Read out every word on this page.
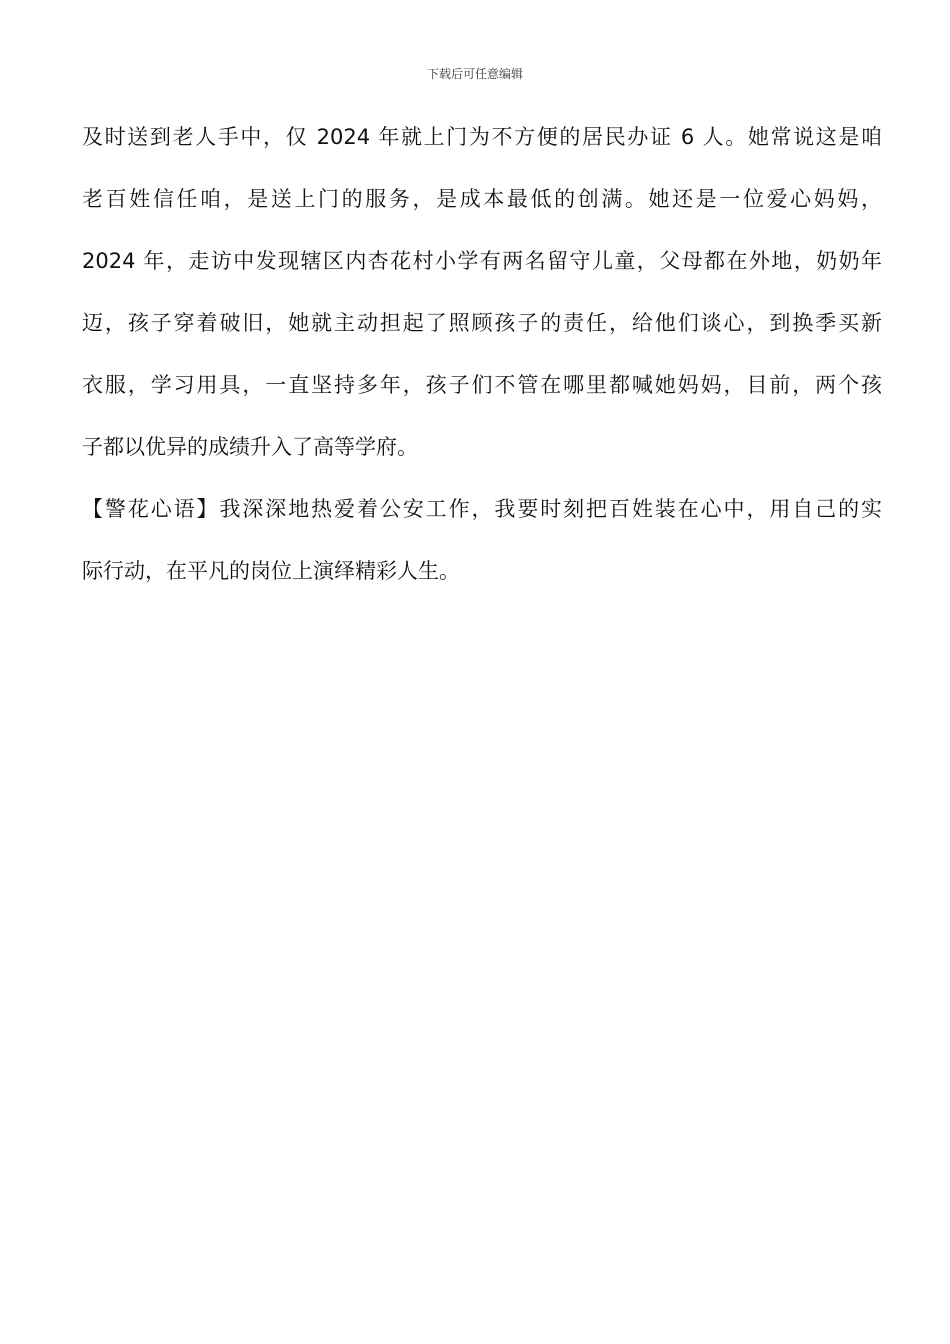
下载后可任意编辑
及时送到老人手中，仅 2024 年就上门为不方便的居民办证 6 人。她常说这是咱
老百姓信任咱，是送上门的服务，是成本最低的创满。她还是一位爱心妈妈，
2024 年，走访中发现辖区内杏花村小学有两名留守儿童，父母都在外地，奶奶年
迈，孩子穿着破旧，她就主动担起了照顾孩子的责任，给他们谈心，到换季买新
衣服，学习用具，一直坚持多年，孩子们不管在哪里都喊她妈妈，目前，两个孩
子都以优异的成绩升入了高等学府。
【警花心语】我深深地热爱着公安工作，我要时刻把百姓装在心中，用自己的实
际行动，在平凡的岗位上演绎精彩人生。
